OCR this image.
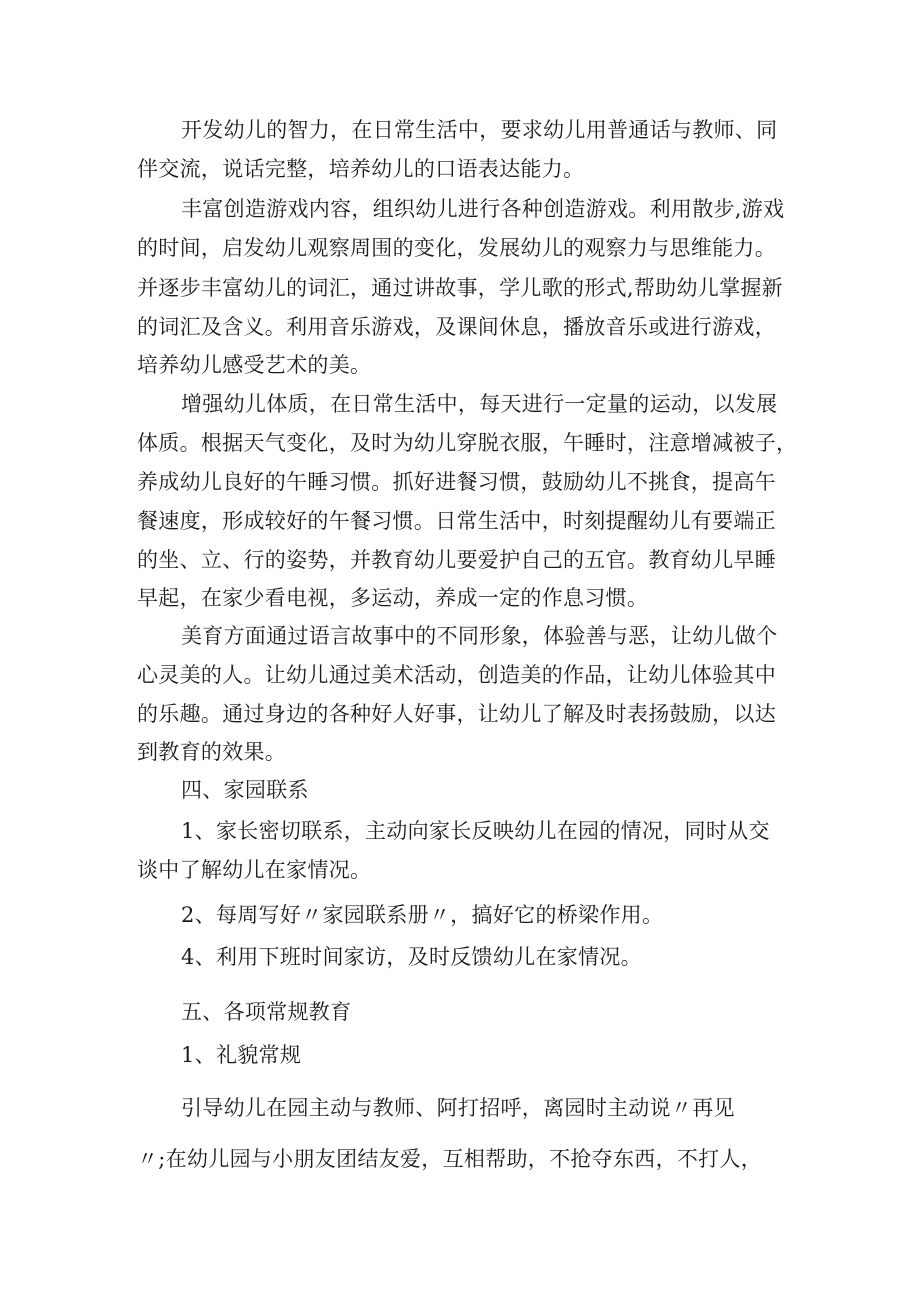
开发幼儿的智力，在日常生活中，要求幼儿用普通话与教师、同

伴交流，说话完整，培养幼儿的口语表达能力。

丰富创造游戏内容，组织幼儿进行各种创造游戏。利用散步,游戏

的时间，启发幼儿观察周围的变化，发展幼儿的观察力与思维能力。

并逐步丰富幼儿的词汇，通过讲故事，学儿歌的形式,帮助幼儿掌握新

的词汇及含义。利用音乐游戏，及课间休息，播放音乐或进行游戏，

培养幼儿感受艺术的美。

增强幼儿体质，在日常生活中，每天进行一定量的运动，以发展

体质。根据天气变化，及时为幼儿穿脱衣服，午睡时，注意增减被子，

养成幼儿良好的午睡习惯。抓好进餐习惯，鼓励幼儿不挑食，提高午

餐速度，形成较好的午餐习惯。日常生活中，时刻提醒幼儿有要端正

的坐、立、行的姿势，并教育幼儿要爱护自己的五官。教育幼儿早睡

早起，在家少看电视，多运动，养成一定的作息习惯。

美育方面通过语言故事中的不同形象，体验善与恶，让幼儿做个

心灵美的人。让幼儿通过美术活动，创造美的作品，让幼儿体验其中

的乐趣。通过身边的各种好人好事，让幼儿了解及时表扬鼓励，以达

到教育的效果。

四、家园联系

1、家长密切联系，主动向家长反映幼儿在园的情况，同时从交

谈中了解幼儿在家情况。

2、每周写好〃家园联系册〃，搞好它的桥梁作用。

4、利用下班时间家访，及时反馈幼儿在家情况。

五、各项常规教育

1、礼貌常规

引导幼儿在园主动与教师、阿打招呼，离园时主动说〃再见

〃;在幼儿园与小朋友团结友爱，互相帮助，不抢夺东西，不打人，
